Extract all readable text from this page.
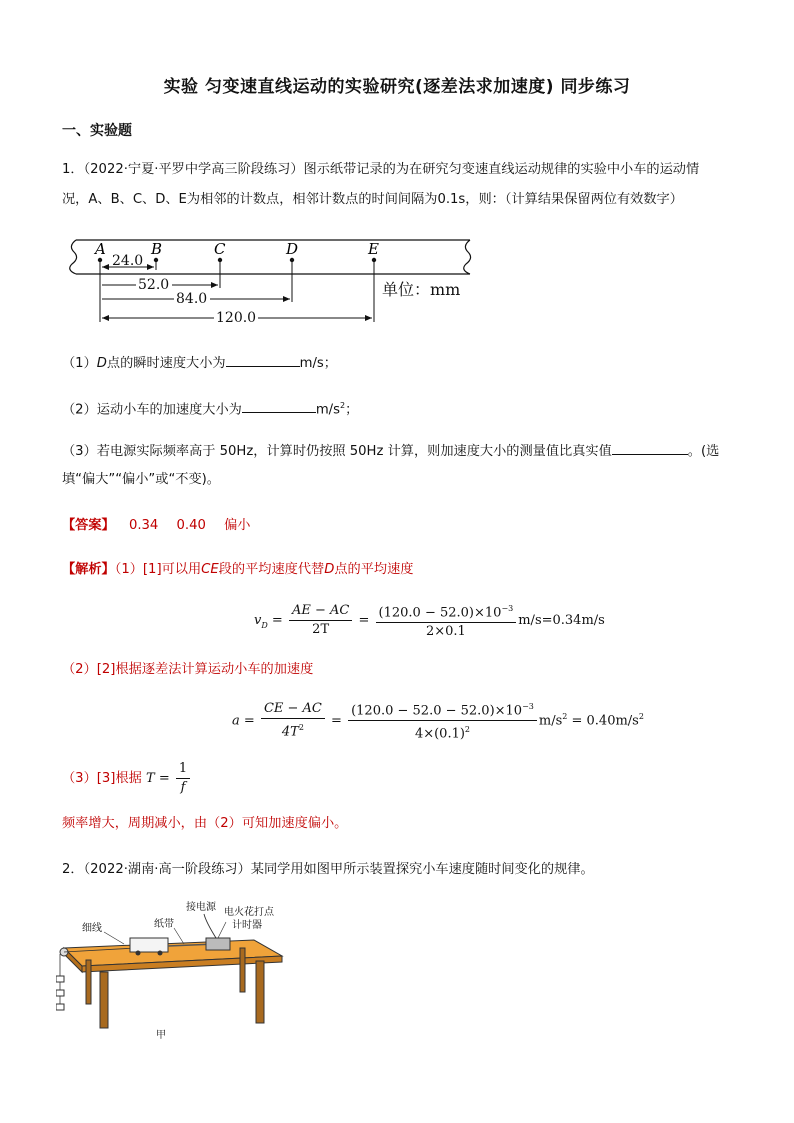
实验 匀变速直线运动的实验研究(逐差法求加速度) 同步练习
一、实验题
1．（2022·宁夏·平罗中学高三阶段练习）图示纸带记录的为在研究匀变速直线运动规律的实验中小车的运动情
况，A、B、C、D、E为相邻的计数点，相邻计数点的时间间隔为0.1s，则：（计算结果保留两位有效数字）
A	B	C	D	E
24.0
52.0
84.0
120.0
单位：mm
（1）D点的瞬时速度大小为	m/s；
（2）运动小车的加速度大小为	$m/s^2$；
（3）若电源实际频率高于 50Hz，计算时仍按照 50Hz 计算，则加速度大小的测量值比真实值	。(选
填“偏大”“偏小”或“不变)。
【答案】 0.34 0.40 偏小
【解析】（1）[1]可以用CE段的平均速度代替D点的平均速度
$v_D = \frac{AE - AC}{2T} = \frac{(120.0 - 52.0)\times 10^{-3}}{2\times 0.1} m/s=0.34m/s$
（2）[2]根据逐差法计算运动小车的加速度
$a = \frac{CE - AC}{4T^2} = \frac{(120.0 - 52.0 - 52.0)\times 10^{-3}}{4\times(0.1)^2} m/s^2 = 0.40m/s^2$
（3）[3]根据 $T = \frac{1}{f}$
频率增大，周期减小，由（2）可知加速度偏小。
2．（2022·湖南·高一阶段练习）某同学用如图甲所示装置探究小车速度随时间变化的规律。
细线	纸带
接电源 电火花打点
计时器
甲
